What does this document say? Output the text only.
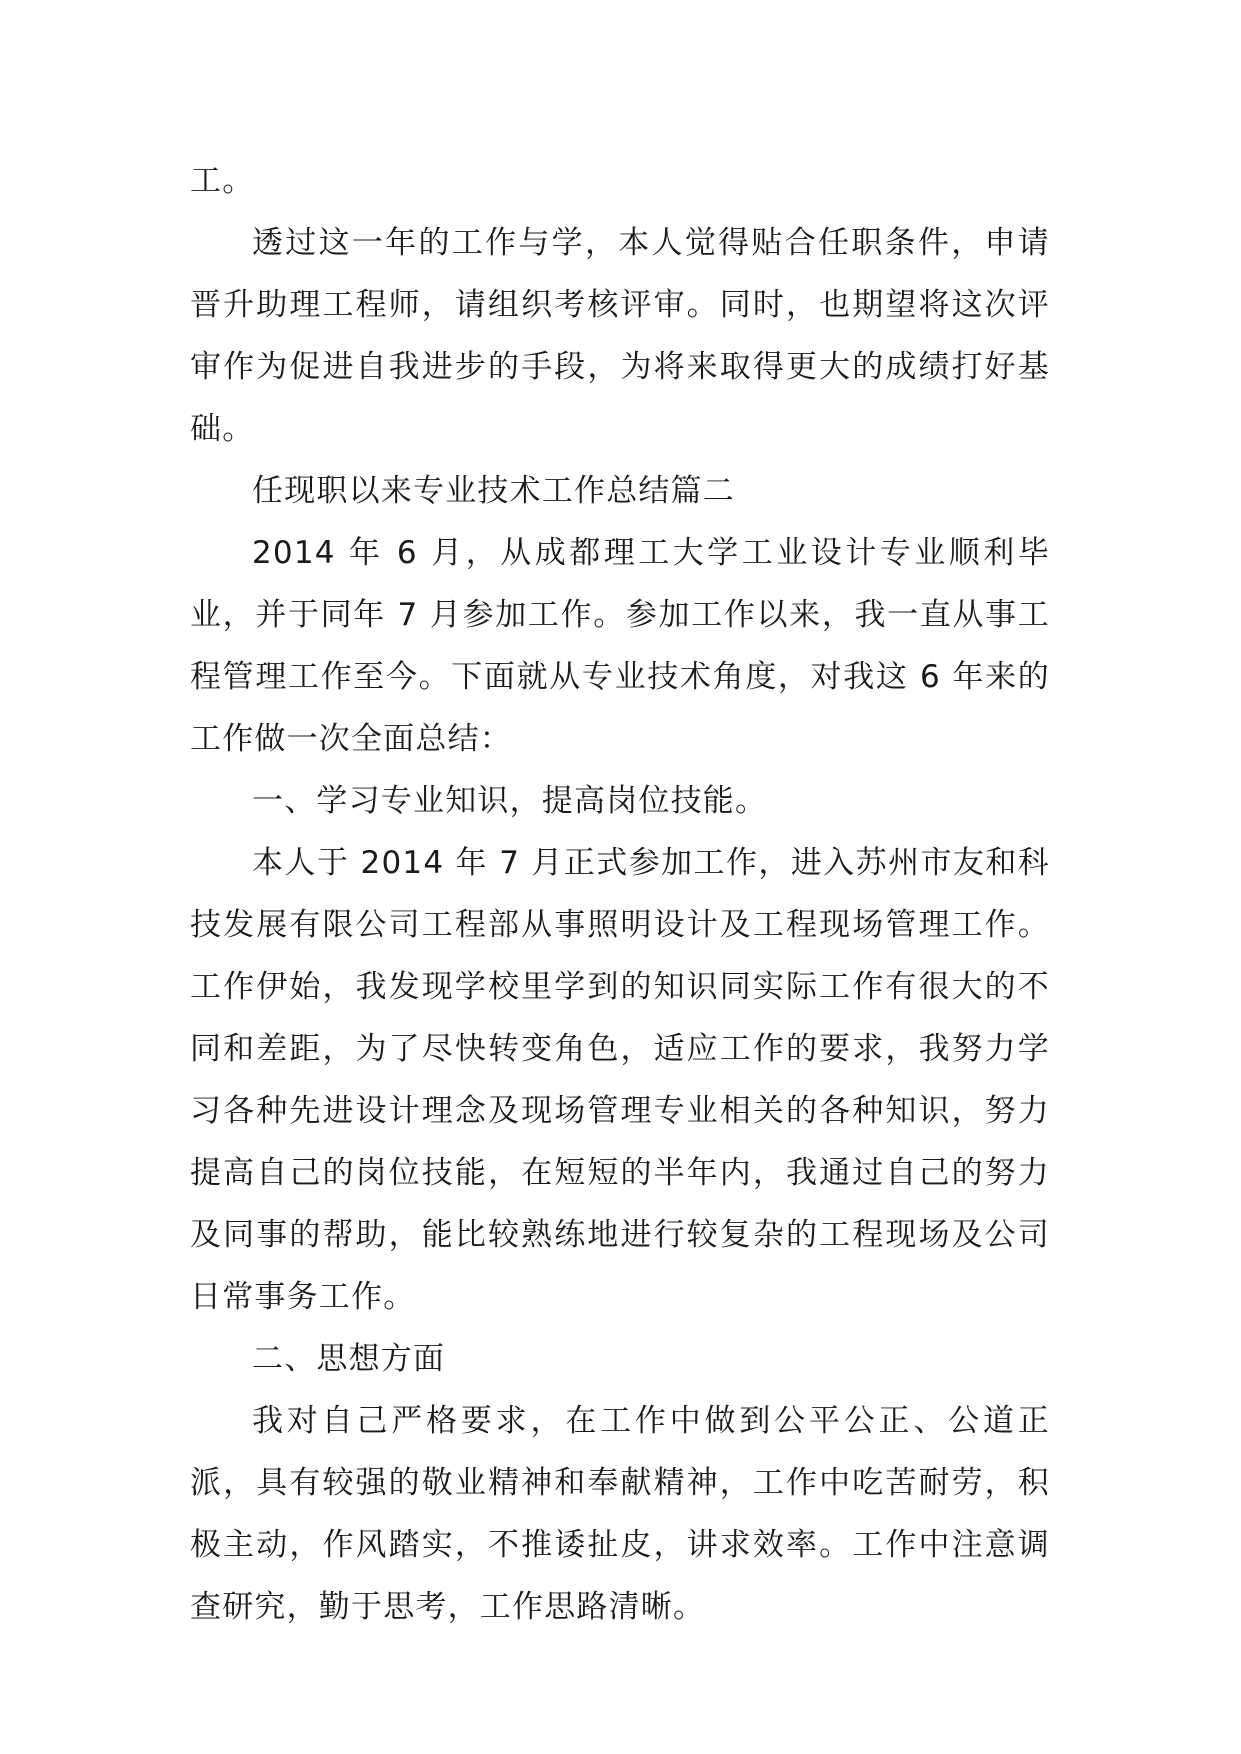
工。

透过这一年的工作与学，本人觉得贴合任职条件，申请晋升助理工程师，请组织考核评审。同时，也期望将这次评审作为促进自我进步的手段，为将来取得更大的成绩打好基础。

任现职以来专业技术工作总结篇二

2014 年 6 月，从成都理工大学工业设计专业顺利毕业，并于同年 7 月参加工作。参加工作以来，我一直从事工程管理工作至今。下面就从专业技术角度，对我这 6 年来的工作做一次全面总结：

一、学习专业知识，提高岗位技能。

本人于 2014 年 7 月正式参加工作，进入苏州市友和科技发展有限公司工程部从事照明设计及工程现场管理工作。工作伊始，我发现学校里学到的知识同实际工作有很大的不同和差距，为了尽快转变角色，适应工作的要求，我努力学习各种先进设计理念及现场管理专业相关的各种知识，努力提高自己的岗位技能，在短短的半年内，我通过自己的努力及同事的帮助，能比较熟练地进行较复杂的工程现场及公司日常事务工作。

二、思想方面

我对自己严格要求，在工作中做到公平公正、公道正派，具有较强的敬业精神和奉献精神，工作中吃苦耐劳，积极主动，作风踏实，不推诿扯皮，讲求效率。工作中注意调查研究，勤于思考，工作思路清晰。
